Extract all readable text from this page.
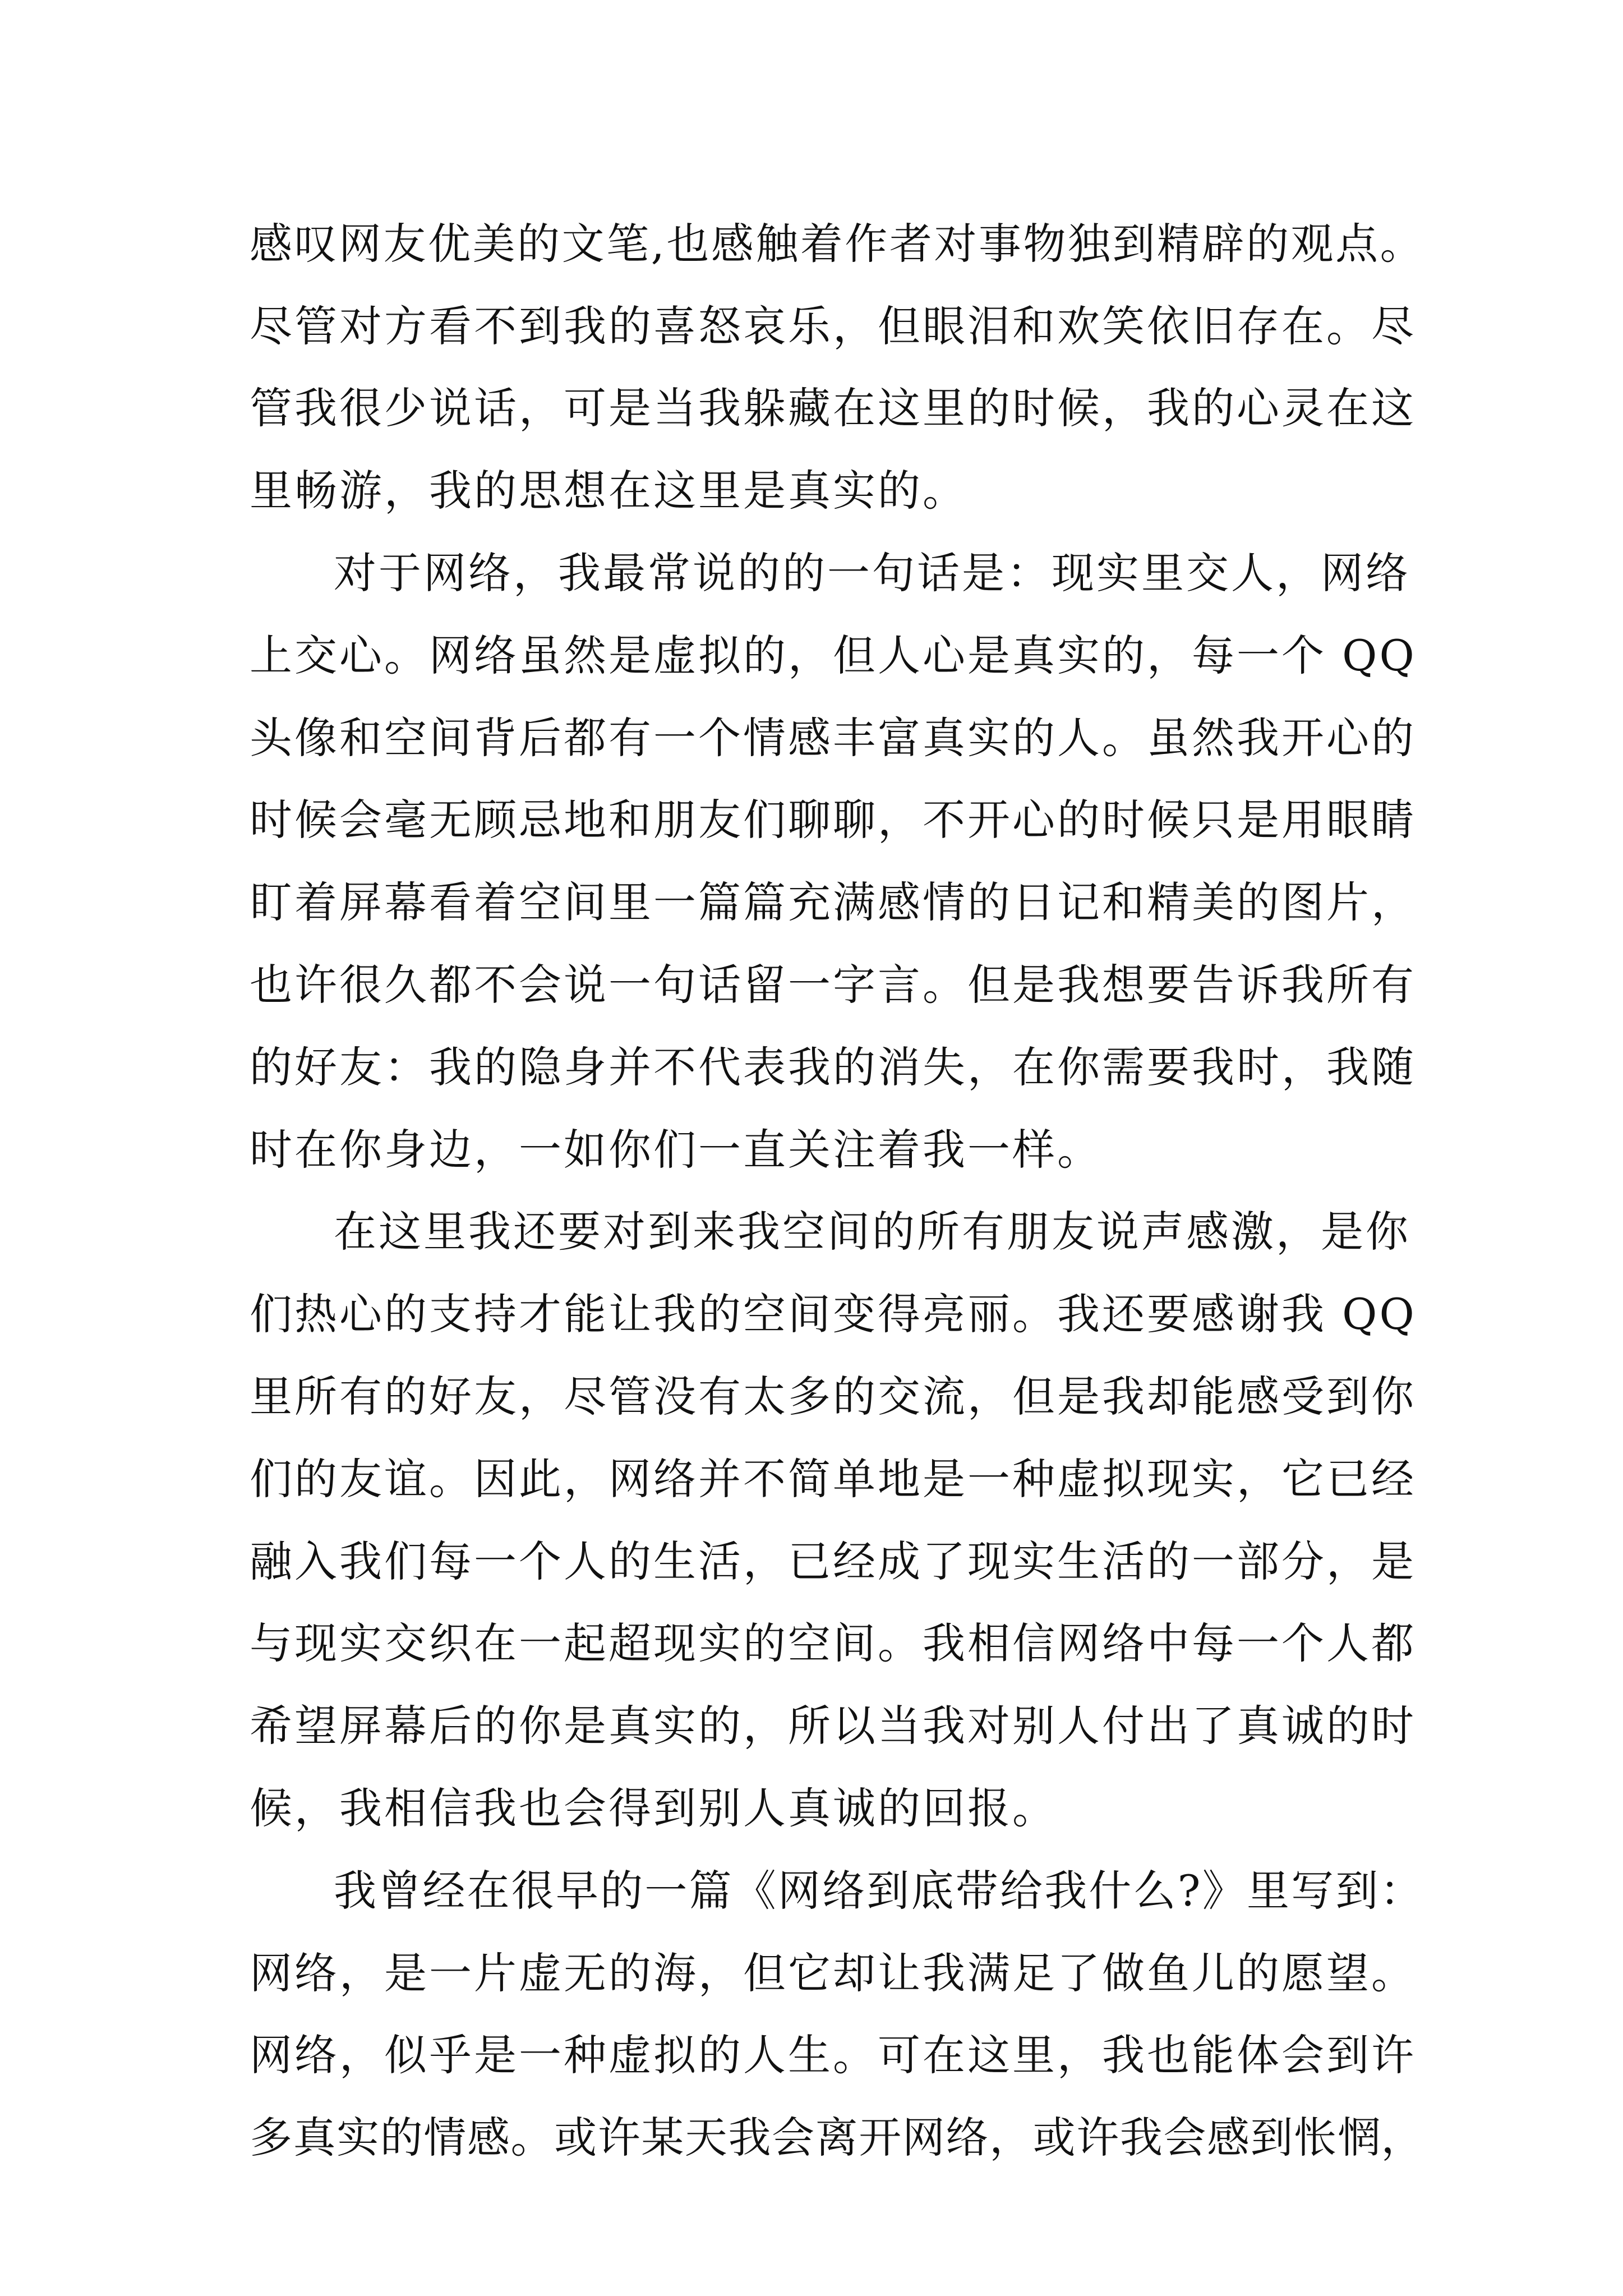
感叹网友优美的文笔,也感触着作者对事物独到精辟的观点。
尽管对方看不到我的喜怒哀乐，但眼泪和欢笑依旧存在。尽
管我很少说话，可是当我躲藏在这里的时候，我的心灵在这
里畅游，我的思想在这里是真实的。
对于网络，我最常说的的一句话是：现实里交人，网络
上交心。网络虽然是虚拟的，但人心是真实的，每一个 QQ
头像和空间背后都有一个情感丰富真实的人。虽然我开心的
时候会毫无顾忌地和朋友们聊聊，不开心的时候只是用眼睛
盯着屏幕看着空间里一篇篇充满感情的日记和精美的图片，
也许很久都不会说一句话留一字言。但是我想要告诉我所有
的好友：我的隐身并不代表我的消失，在你需要我时，我随
时在你身边，一如你们一直关注着我一样。
在这里我还要对到来我空间的所有朋友说声感激，是你
们热心的支持才能让我的空间变得亮丽。我还要感谢我 QQ
里所有的好友，尽管没有太多的交流，但是我却能感受到你
们的友谊。因此，网络并不简单地是一种虚拟现实，它已经
融入我们每一个人的生活，已经成了现实生活的一部分，是
与现实交织在一起超现实的空间。我相信网络中每一个人都
希望屏幕后的你是真实的，所以当我对别人付出了真诚的时
候，我相信我也会得到别人真诚的回报。
我曾经在很早的一篇《网络到底带给我什么?》里写到：
网络，是一片虚无的海，但它却让我满足了做鱼儿的愿望。
网络，似乎是一种虚拟的人生。可在这里，我也能体会到许
多真实的情感。或许某天我会离开网络，或许我会感到怅惘，
